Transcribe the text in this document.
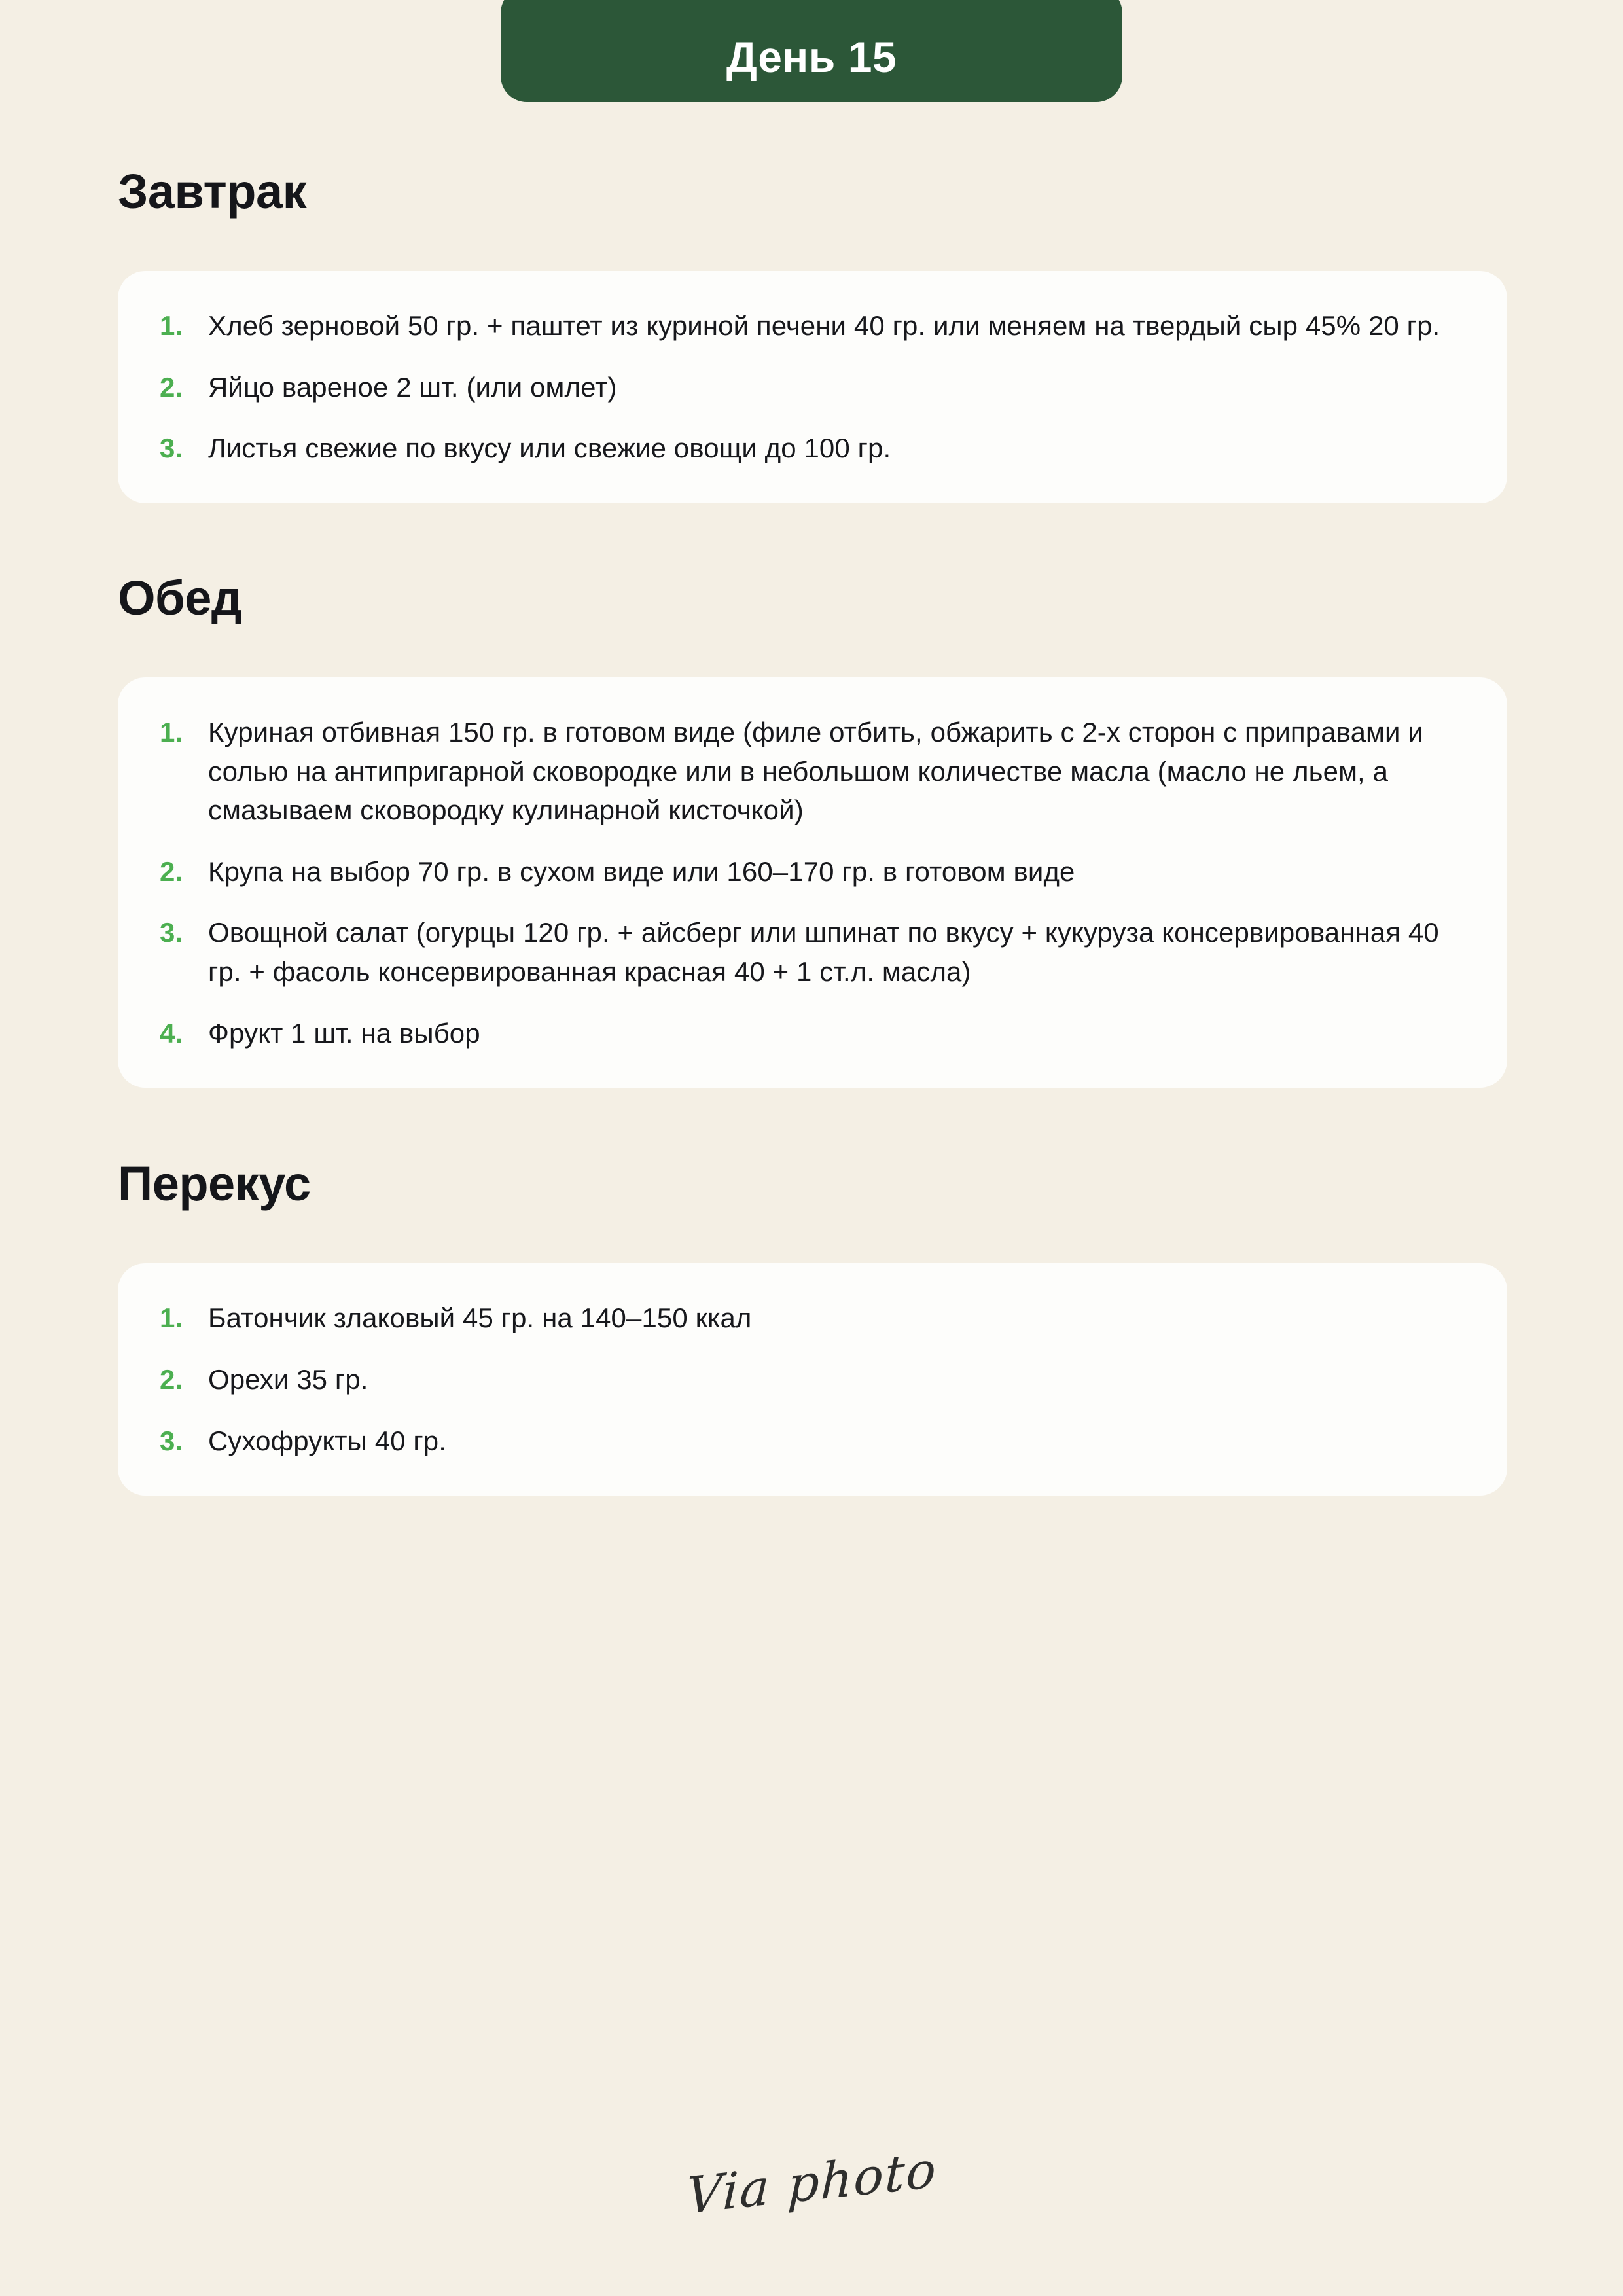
День 15
Завтрак
1. Хлеб зерновой 50 гр. + паштет из куриной печени 40 гр. или меняем на твердый сыр 45% 20 гр.
2. Яйцо вареное 2 шт. (или омлет)
3. Листья свежие по вкусу или свежие овощи до 100 гр.
Обед
1. Куриная отбивная 150 гр. в готовом виде (филе отбить, обжарить с 2-х сторон с приправами и солью на антипригарной сковородке или в небольшом количестве масла (масло не льем, а смазываем сковородку кулинарной кисточкой)
2. Крупа на выбор 70 гр. в сухом виде или 160–170 гр. в готовом виде
3. Овощной салат (огурцы 120 гр. + айсберг или шпинат по вкусу + кукуруза консервированная 40 гр. + фасоль консервированная красная 40 + 1 ст.л. масла)
4. Фрукт 1 шт. на выбор
Перекус
1. Батончик злаковый 45 гр. на 140–150 ккал
2. Орехи 35 гр.
3. Сухофрукты 40 гр.
Via photo
